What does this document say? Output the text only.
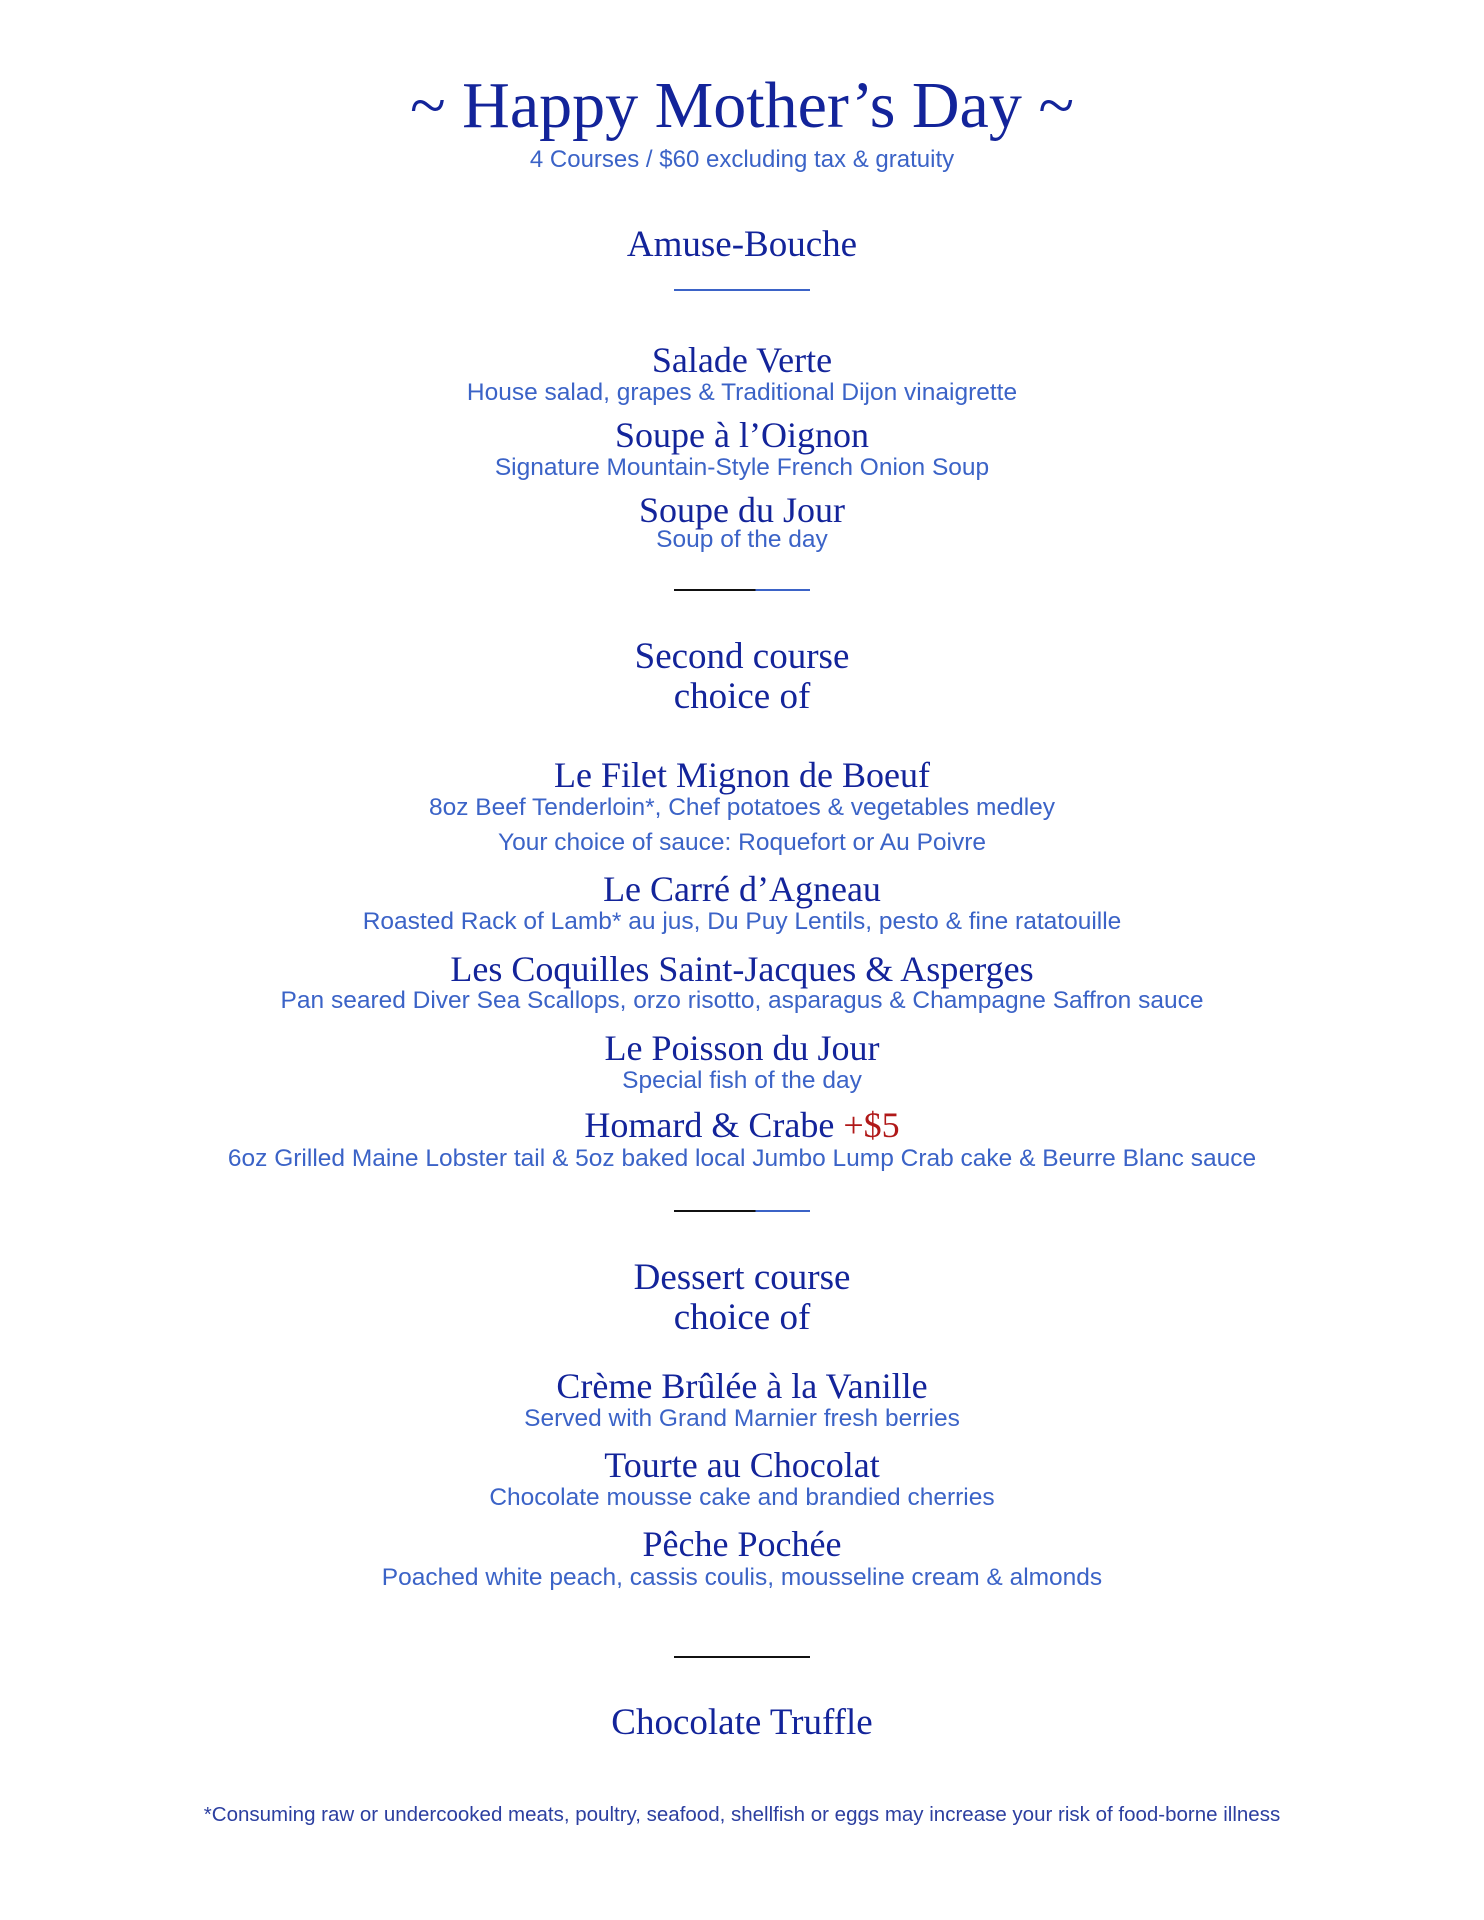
~ Happy Mother’s Day ~
4 Courses / $60 excluding tax & gratuity
Amuse-Bouche
Salade Verte
House salad, grapes & Traditional Dijon vinaigrette
Soupe à l’Oignon
Signature Mountain-Style French Onion Soup
Soupe du Jour
Soup of the day
Second course
choice of
Le Filet Mignon de Boeuf
8oz Beef Tenderloin*, Chef potatoes & vegetables medley
Your choice of sauce: Roquefort or Au Poivre
Le Carré d’Agneau
Roasted Rack of Lamb* au jus, Du Puy Lentils, pesto & fine ratatouille
Les Coquilles Saint-Jacques & Asperges
Pan seared Diver Sea Scallops, orzo risotto, asparagus & Champagne Saffron sauce
Le Poisson du Jour
Special fish of the day
Homard & Crabe +$5
6oz Grilled Maine Lobster tail & 5oz baked local Jumbo Lump Crab cake & Beurre Blanc sauce
Dessert course
choice of
Crème Brûlée à la Vanille
Served with Grand Marnier fresh berries
Tourte au Chocolat
Chocolate mousse cake and brandied cherries
Pêche Pochée
Poached white peach, cassis coulis, mousseline cream & almonds
Chocolate Truffle
*Consuming raw or undercooked meats, poultry, seafood, shellfish or eggs may increase your risk of food-borne illness
